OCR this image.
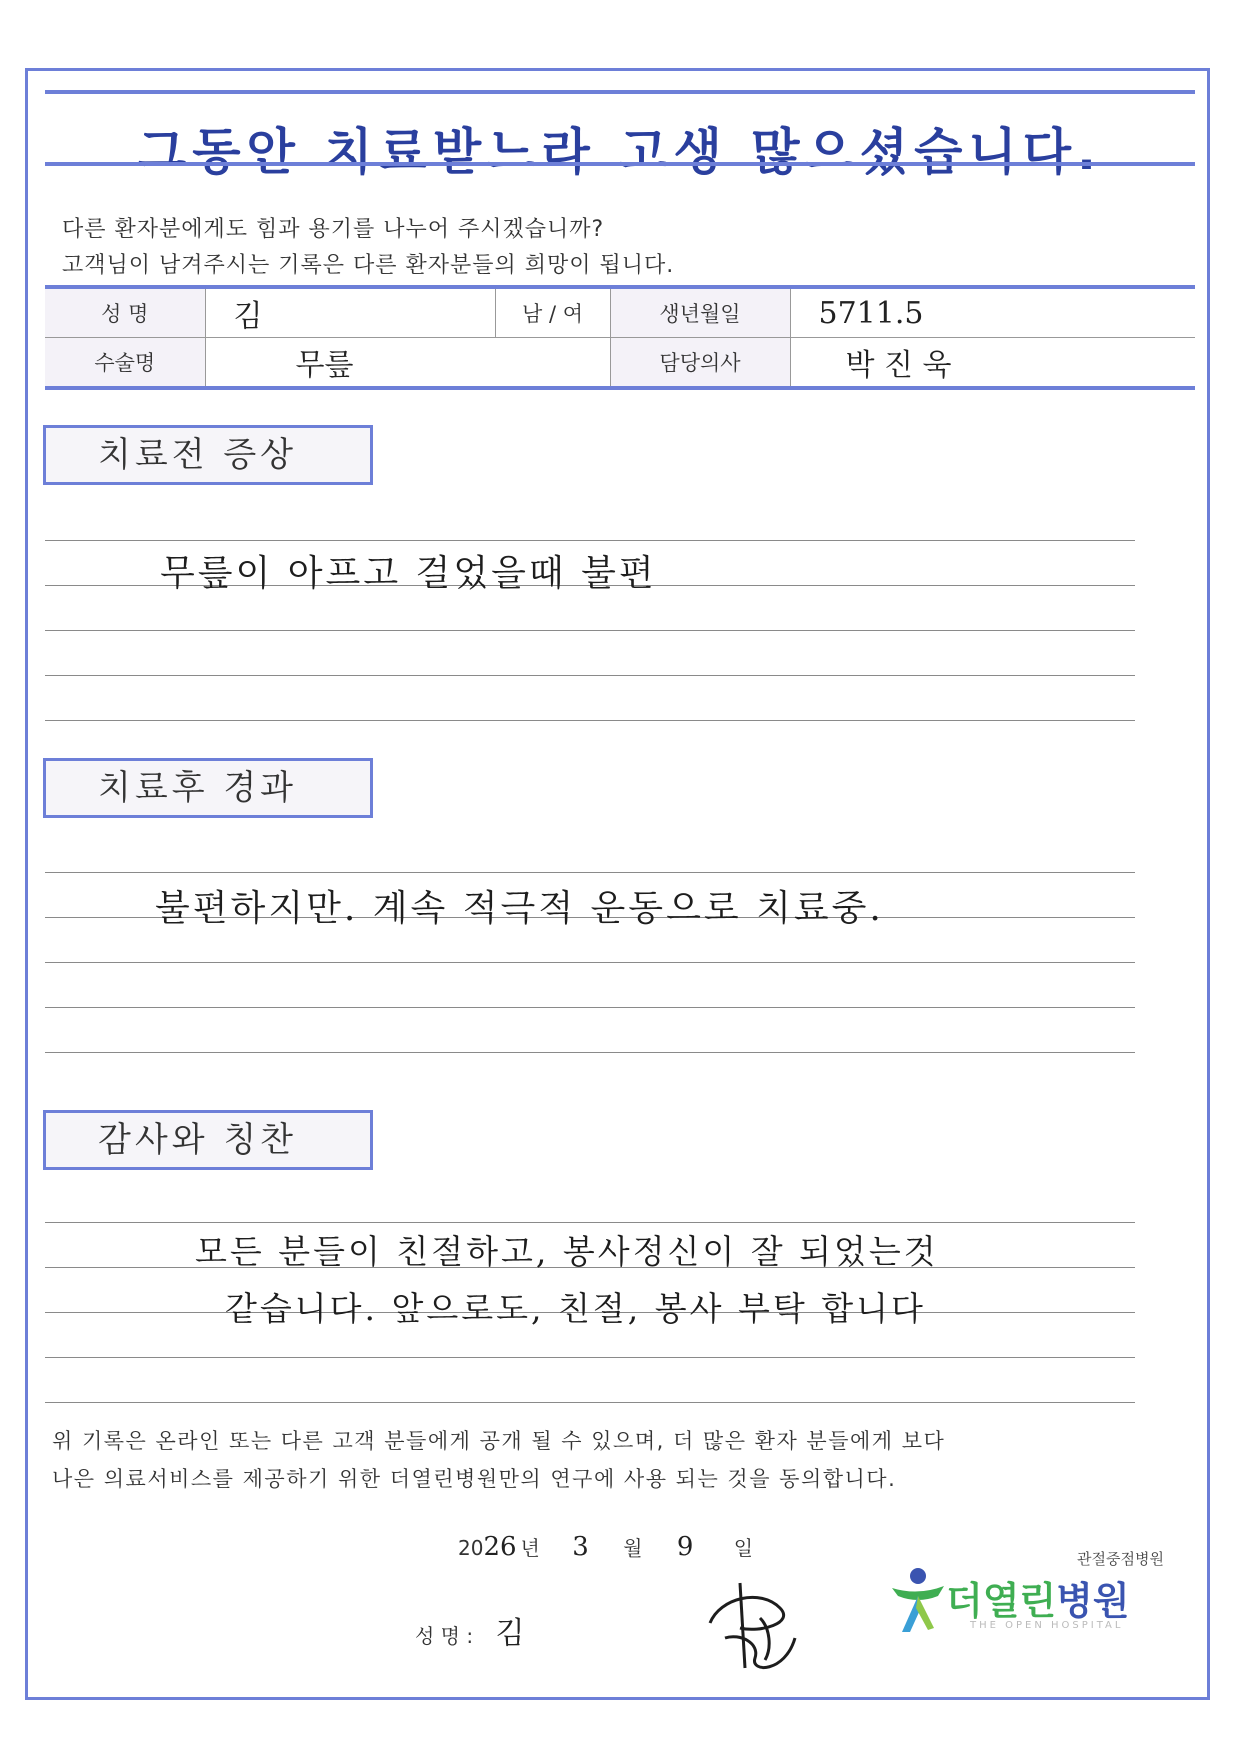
그동안 치료받느라 고생 많으셨습니다.
다른 환자분에게도 힘과 용기를 나누어 주시겠습니까?
고객님이 남겨주시는 기록은 다른 환자분들의 희망이 됩니다.
성 명	김	남 / 여	생년월일	5711.5
수술명	무릎		담당의사	박 진 욱
치료전 증상
무릎이 아프고 걸었을때 불편
치료후 경과
불편하지만. 계속 적극적 운동으로 치료중.
감사와 칭찬
모든 분들이 친절하고, 봉사정신이 잘 되었는것
같습니다. 앞으로도, 친절, 봉사 부탁 합니다
위 기록은 온라인 또는 다른 고객 분들에게 공개 될 수 있으며, 더 많은 환자 분들에게 보다
나은 의료서비스를 제공하기 위한 더열린병원만의 연구에 사용 되는 것을 동의합니다.
2026 년 3 월 9 일
성 명 : 김
관절중점병원
더열린병원
THE OPEN HOSPITAL
